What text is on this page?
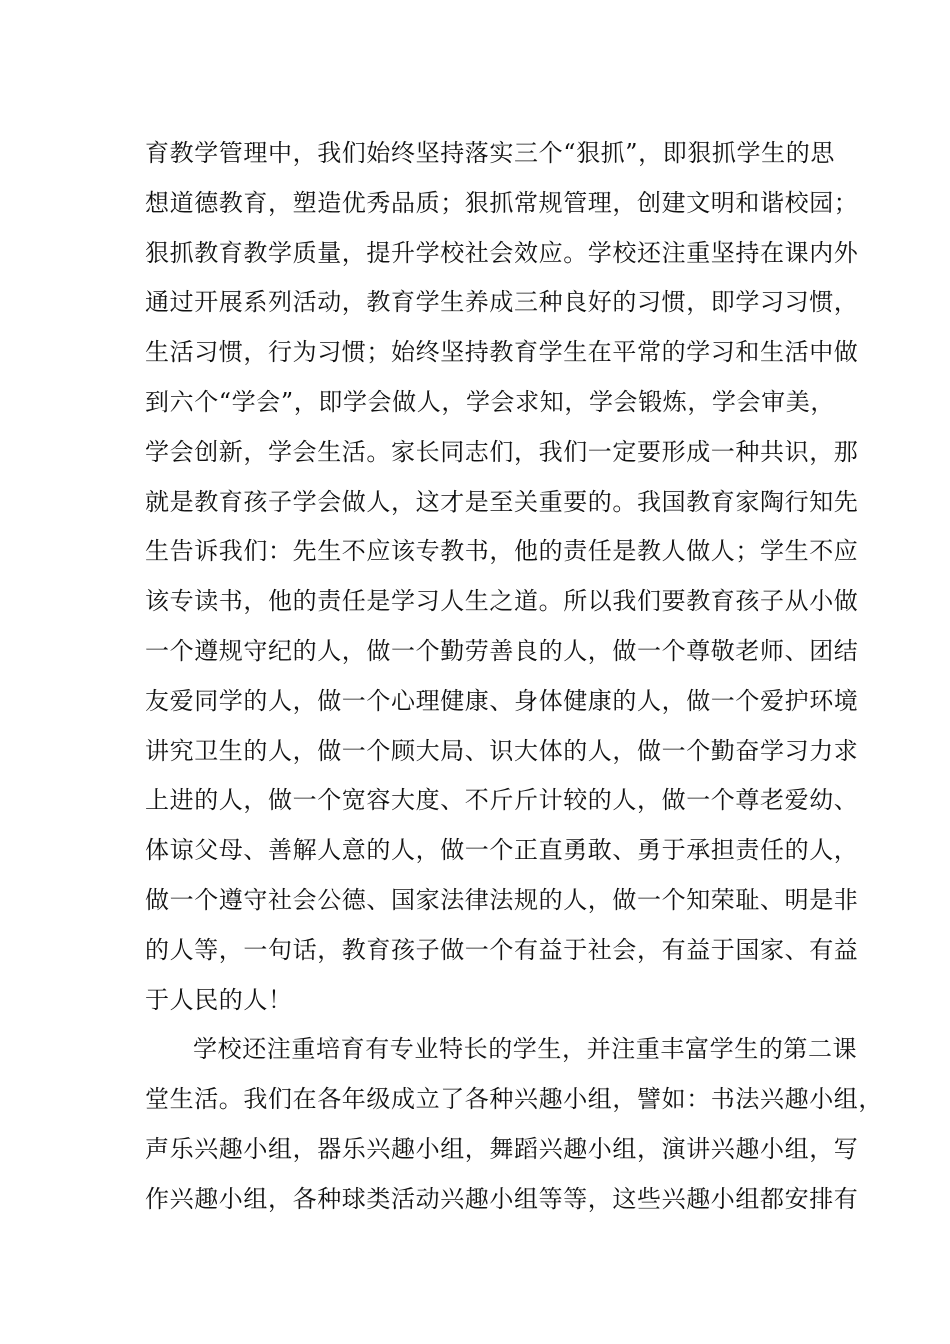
育教学管理中，我们始终坚持落实三个“狠抓”，即狠抓学生的思
想道德教育，塑造优秀品质；狠抓常规管理，创建文明和谐校园；
狠抓教育教学质量，提升学校社会效应。学校还注重坚持在课内外
通过开展系列活动，教育学生养成三种良好的习惯，即学习习惯，
生活习惯，行为习惯；始终坚持教育学生在平常的学习和生活中做
到六个“学会”，即学会做人，学会求知，学会锻炼，学会审美，
学会创新，学会生活。家长同志们，我们一定要形成一种共识，那
就是教育孩子学会做人，这才是至关重要的。我国教育家陶行知先
生告诉我们：先生不应该专教书，他的责任是教人做人；学生不应
该专读书，他的责任是学习人生之道。所以我们要教育孩子从小做
一个遵规守纪的人，做一个勤劳善良的人，做一个尊敬老师、团结
友爱同学的人，做一个心理健康、身体健康的人，做一个爱护环境
讲究卫生的人，做一个顾大局、识大体的人，做一个勤奋学习力求
上进的人，做一个宽容大度、不斤斤计较的人，做一个尊老爱幼、
体谅父母、善解人意的人，做一个正直勇敢、勇于承担责任的人，
做一个遵守社会公德、国家法律法规的人，做一个知荣耻、明是非
的人等，一句话，教育孩子做一个有益于社会，有益于国家、有益
于人民的人！
学校还注重培育有专业特长的学生，并注重丰富学生的第二课
堂生活。我们在各年级成立了各种兴趣小组，譬如：书法兴趣小组，
声乐兴趣小组，器乐兴趣小组，舞蹈兴趣小组，演讲兴趣小组，写
作兴趣小组，各种球类活动兴趣小组等等，这些兴趣小组都安排有
